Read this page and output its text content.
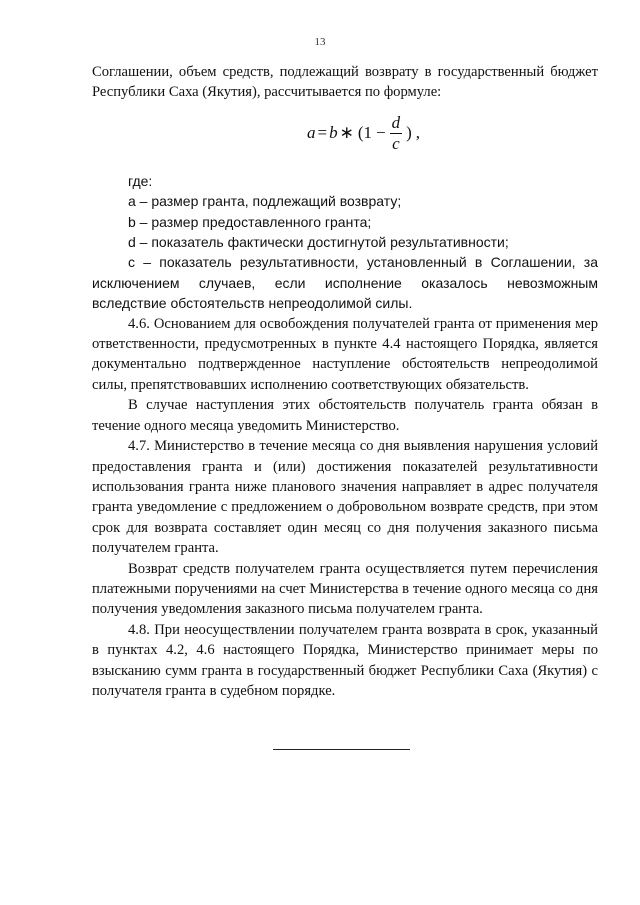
13

Соглашении, объем средств, подлежащий возврату в государственный бюджет Республики Саха (Якутия), рассчитывается по формуле:

a = b ∗ ($1 - \frac{d}{c}$ ) ,

где:

a – размер гранта, подлежащий возврату;

b – размер предоставленного гранта;

d – показатель фактически достигнутой результативности;

c – показатель результативности, установленный в Соглашении, за исключением случаев, если исполнение оказалось невозможным вследствие обстоятельств непреодолимой силы.

4.6. Основанием для освобождения получателей гранта от применения мер ответственности, предусмотренных в пункте 4.4 настоящего Порядка, является документально подтвержденное наступление обстоятельств непреодолимой силы, препятствовавших исполнению соответствующих обязательств.

В случае наступления этих обстоятельств получатель гранта обязан в течение одного месяца уведомить Министерство.

4.7. Министерство в течение месяца со дня выявления нарушения условий предоставления гранта и (или) достижения показателей результативности использования гранта ниже планового значения направляет в адрес получателя гранта уведомление с предложением о добровольном возврате средств, при этом срок для возврата составляет один месяц со дня получения заказного письма получателем гранта.

Возврат средств получателем гранта осуществляется путем перечисления платежными поручениями на счет Министерства в течение одного месяца со дня получения уведомления заказного письма получателем гранта.

4.8. При неосуществлении получателем гранта возврата в срок, указанный в пунктах 4.2, 4.6 настоящего Порядка, Министерство принимает меры по взысканию сумм гранта в государственный бюджет Республики Саха (Якутия) с получателя гранта в судебном порядке.
